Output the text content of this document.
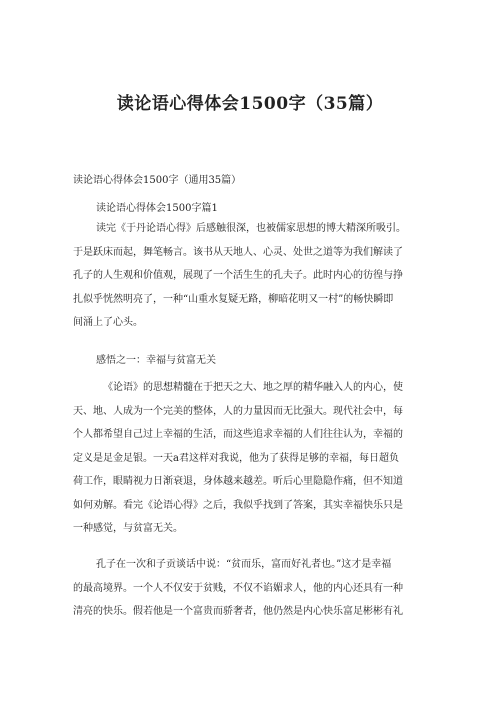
读论语心得体会1500字（35篇）
读论语心得体会1500字（通用35篇）
读论语心得体会1500字篇1
读完《于丹论语心得》后感触很深，也被儒家思想的博大精深所吸引。
于是跃床而起，舞笔畅言。该书从天地人、心灵、处世之道等为我们解读了
孔子的人生观和价值观，展现了一个活生生的孔夫子。此时内心的彷徨与挣
扎似乎恍然明亮了，一种“山重水复疑无路，柳暗花明又一村”的畅快瞬即
间涌上了心头。
感悟之一：幸福与贫富无关
《论语》的思想精髓在于把天之大、地之厚的精华融入人的内心，使
天、地、人成为一个完美的整体，人的力量因而无比强大。现代社会中，每
个人都希望自己过上幸福的生活，而这些追求幸福的人们往往认为，幸福的
定义是足金足银。一天a君这样对我说，他为了获得足够的幸福，每日超负
荷工作，眼睛视力日渐衰退，身体越来越差。听后心里隐隐作痛，但不知道
如何劝解。看完《论语心得》之后，我似乎找到了答案，其实幸福快乐只是
一种感觉，与贫富无关。
孔子在一次和子贡谈话中说：“贫而乐，富而好礼者也。”这才是幸福
的最高境界。一个人不仅安于贫贱，不仅不谄媚求人，他的内心还具有一种
清亮的快乐。假若他是一个富贵而骄奢者，他仍然是内心快乐富足彬彬有礼
